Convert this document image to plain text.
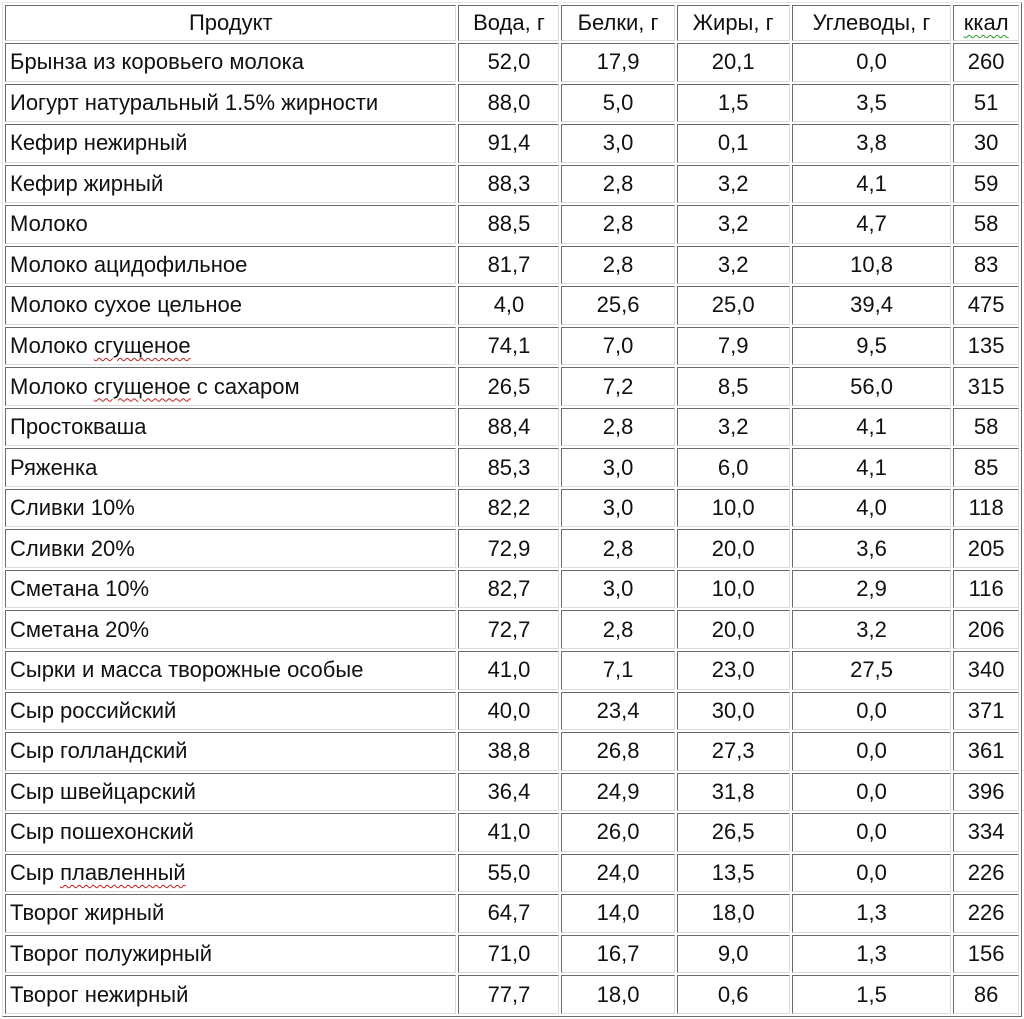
Продукт	Вода, г	Белки, г	Жиры, г	Углеводы, г	ккал
Брынза из коровьего молока	52,0	17,9	20,1	0,0	260
Иогурт натуральный 1.5% жирности	88,0	5,0	1,5	3,5	51
Кефир нежирный	91,4	3,0	0,1	3,8	30
Кефир жирный	88,3	2,8	3,2	4,1	59
Молоко	88,5	2,8	3,2	4,7	58
Молоко ацидофильное	81,7	2,8	3,2	10,8	83
Молоко сухое цельное	4,0	25,6	25,0	39,4	475
Молоко сгущеное	74,1	7,0	7,9	9,5	135
Молоко сгущеное с сахаром	26,5	7,2	8,5	56,0	315
Простокваша	88,4	2,8	3,2	4,1	58
Ряженка	85,3	3,0	6,0	4,1	85
Сливки 10%	82,2	3,0	10,0	4,0	118
Сливки 20%	72,9	2,8	20,0	3,6	205
Сметана 10%	82,7	3,0	10,0	2,9	116
Сметана 20%	72,7	2,8	20,0	3,2	206
Сырки и масса творожные особые	41,0	7,1	23,0	27,5	340
Сыр российский	40,0	23,4	30,0	0,0	371
Сыр голландский	38,8	26,8	27,3	0,0	361
Сыр швейцарский	36,4	24,9	31,8	0,0	396
Сыр пошехонский	41,0	26,0	26,5	0,0	334
Сыр плавленный	55,0	24,0	13,5	0,0	226
Творог жирный	64,7	14,0	18,0	1,3	226
Творог полужирный	71,0	16,7	9,0	1,3	156
Творог нежирный	77,7	18,0	0,6	1,5	86
